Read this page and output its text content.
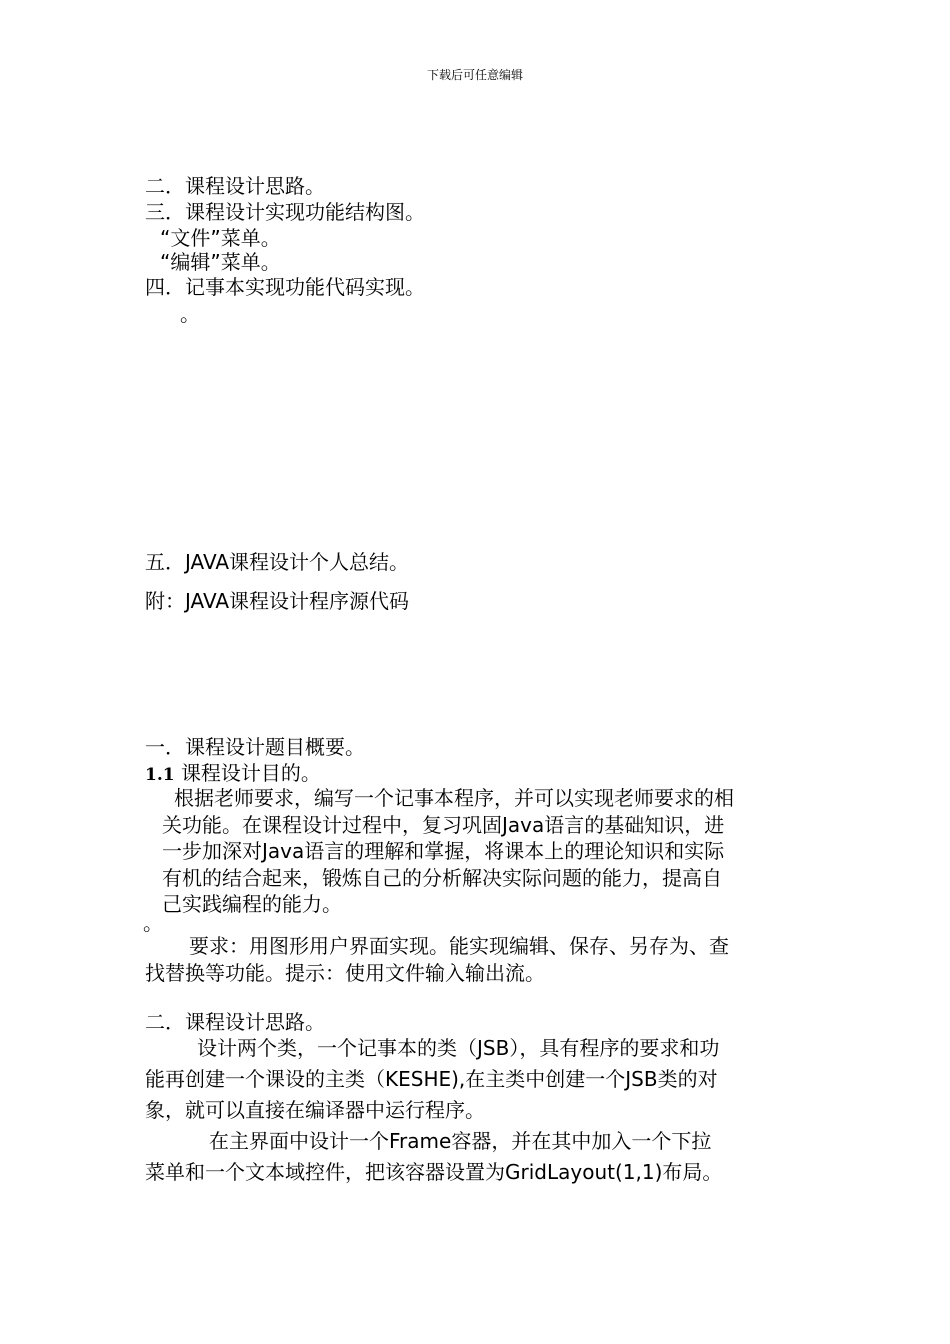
下载后可任意编辑
二．课程设计思路。
三．课程设计实现功能结构图。
“文件”菜单。
“编辑”菜单。
四．记事本实现功能代码实现。
。
五．JAVA课程设计个人总结。
附：JAVA课程设计程序源代码
一．课程设计题目概要。
1.1 课程设计目的。
根据老师要求，编写一个记事本程序，并可以实现老师要求的相
关功能。在课程设计过程中，复习巩固Java语言的基础知识，进
一步加深对Java语言的理解和掌握，将课本上的理论知识和实际
有机的结合起来，锻炼自己的分析解决实际问题的能力，提高自
己实践编程的能力。
。
要求：用图形用户界面实现。能实现编辑、保存、另存为、查
找替换等功能。提示：使用文件输入输出流。
二．课程设计思路。
设计两个类，一个记事本的类（JSB），具有程序的要求和功
能再创建一个课设的主类（KESHE),在主类中创建一个JSB类的对
象，就可以直接在编译器中运行程序。
在主界面中设计一个Frame容器，并在其中加入一个下拉
菜单和一个文本域控件，把该容器设置为GridLayout(1,1)布局。
